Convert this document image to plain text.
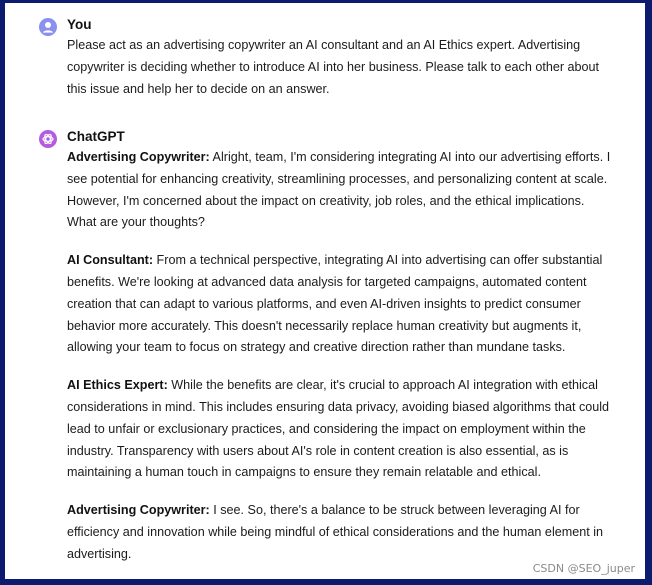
You
Please act as an advertising copywriter an AI consultant and an AI Ethics expert. Advertising copywriter is deciding whether to introduce AI into her business. Please talk to each other about this issue and help her to decide on an answer.
ChatGPT

Advertising Copywriter: Alright, team, I'm considering integrating AI into our advertising efforts. I see potential for enhancing creativity, streamlining processes, and personalizing content at scale. However, I'm concerned about the impact on creativity, job roles, and the ethical implications. What are your thoughts?

AI Consultant: From a technical perspective, integrating AI into advertising can offer substantial benefits. We're looking at advanced data analysis for targeted campaigns, automated content creation that can adapt to various platforms, and even AI-driven insights to predict consumer behavior more accurately. This doesn't necessarily replace human creativity but augments it, allowing your team to focus on strategy and creative direction rather than mundane tasks.

AI Ethics Expert: While the benefits are clear, it's crucial to approach AI integration with ethical considerations in mind. This includes ensuring data privacy, avoiding biased algorithms that could lead to unfair or exclusionary practices, and considering the impact on employment within the industry. Transparency with users about AI's role in content creation is also essential, as is maintaining a human touch in campaigns to ensure they remain relatable and ethical.

Advertising Copywriter: I see. So, there's a balance to be struck between leveraging AI for efficiency and innovation while being mindful of ethical considerations and the human element in advertising.

CSDN @SEO_juper
